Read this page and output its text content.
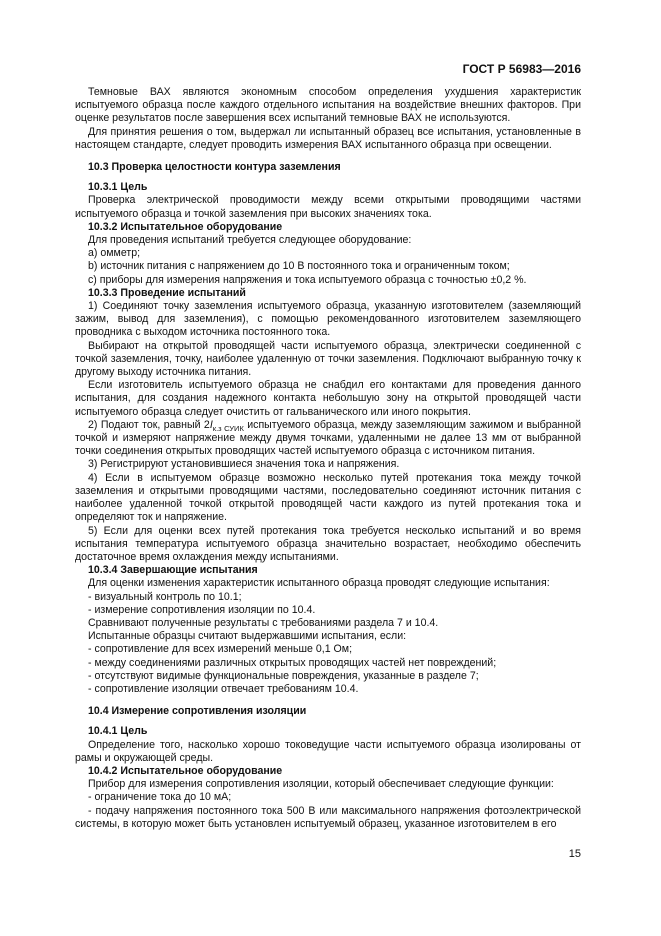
ГОСТ Р 56983—2016

Темновые ВАХ являются экономным способом определения ухудшения характеристик испытуемого образца после каждого отдельного испытания на воздействие внешних факторов. При оценке результатов после завершения всех испытаний темновые ВАХ не используются.

Для принятия решения о том, выдержал ли испытанный образец все испытания, установленные в настоящем стандарте, следует проводить измерения ВАХ испытанного образца при освещении.

10.3 Проверка целостности контура заземления

10.3.1 Цель

Проверка электрической проводимости между всеми открытыми проводящими частями испытуемого образца и точкой заземления при высоких значениях тока.

10.3.2 Испытательное оборудование

Для проведения испытаний требуется следующее оборудование:

a) омметр;

b) источник питания с напряжением до 10 В постоянного тока и ограниченным током;

c) приборы для измерения напряжения и тока испытуемого образца с точностью ±0,2 %.

10.3.3 Проведение испытаний

1) Соединяют точку заземления испытуемого образца, указанную изготовителем (заземляющий зажим, вывод для заземления), с помощью рекомендованного изготовителем заземляющего проводника с выходом источника постоянного тока.

Выбирают на открытой проводящей части испытуемого образца, электрически соединенной с точкой заземления, точку, наиболее удаленную от точки заземления. Подключают выбранную точку к другому выходу источника питания.

Если изготовитель испытуемого образца не снабдил его контактами для проведения данного испытания, для создания надежного контакта небольшую зону на открытой проводящей части испытуемого образца следует очистить от гальванического или иного покрытия.

2) Подают ток, равный $2I_{к.з СУИК}$ испытуемого образца, между заземляющим зажимом и выбранной точкой и измеряют напряжение между двумя точками, удаленными не далее 13 мм от выбранной точки соединения открытых проводящих частей испытуемого образца с источником питания.

3) Регистрируют установившиеся значения тока и напряжения.

4) Если в испытуемом образце возможно несколько путей протекания тока между точкой заземления и открытыми проводящими частями, последовательно соединяют источник питания с наиболее удаленной точкой открытой проводящей части каждого из путей протекания тока и определяют ток и напряжение.

5) Если для оценки всех путей протекания тока требуется несколько испытаний и во время испытания температура испытуемого образца значительно возрастает, необходимо обеспечить достаточное время охлаждения между испытаниями.

10.3.4 Завершающие испытания

Для оценки изменения характеристик испытанного образца проводят следующие испытания:

- визуальный контроль по 10.1;

- измерение сопротивления изоляции по 10.4.

Сравнивают полученные результаты с требованиями раздела 7 и 10.4.

Испытанные образцы считают выдержавшими испытания, если:

- сопротивление для всех измерений меньше 0,1 Ом;

- между соединениями различных открытых проводящих частей нет повреждений;

- отсутствуют видимые функциональные повреждения, указанные в разделе 7;

- сопротивление изоляции отвечает требованиям 10.4.

10.4 Измерение сопротивления изоляции

10.4.1 Цель

Определение того, насколько хорошо токоведущие части испытуемого образца изолированы от рамы и окружающей среды.

10.4.2 Испытательное оборудование

Прибор для измерения сопротивления изоляции, который обеспечивает следующие функции:

- ограничение тока до 10 мА;

- подачу напряжения постоянного тока 500 В или максимального напряжения фотоэлектрической системы, в которую может быть установлен испытуемый образец, указанное изготовителем в его

15
